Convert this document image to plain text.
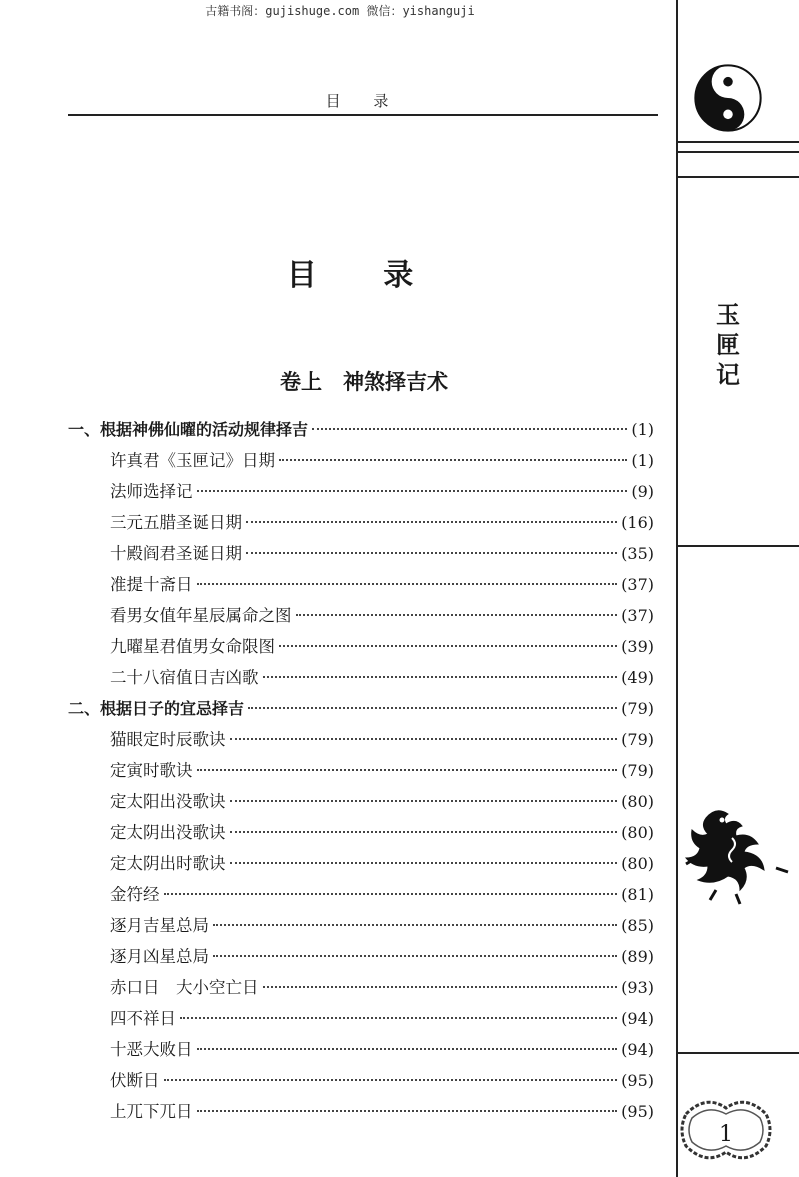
古籍书阁：gujishuge.com 微信：yishanguji
目 录
目 录
卷上　神煞择吉术
一、根据神佛仙曜的活动规律择吉	(1)
许真君《玉匣记》日期	(1)
法师选择记	(9)
三元五腊圣诞日期	(16)
十殿阎君圣诞日期	(35)
准提十斋日	(37)
看男女值年星辰属命之图	(37)
九曜星君值男女命限图	(39)
二十八宿值日吉凶歌	(49)
二、根据日子的宜忌择吉	(79)
猫眼定时辰歌诀	(79)
定寅时歌诀	(79)
定太阳出没歌诀	(80)
定太阴出没歌诀	(80)
定太阴出时歌诀	(80)
金符经	(81)
逐月吉星总局	(85)
逐月凶星总局	(89)
赤口日　大小空亡日	(93)
四不祥日	(94)
十恶大败日	(94)
伏断日	(95)
上兀下兀日	(95)
玉
匣
记
1
